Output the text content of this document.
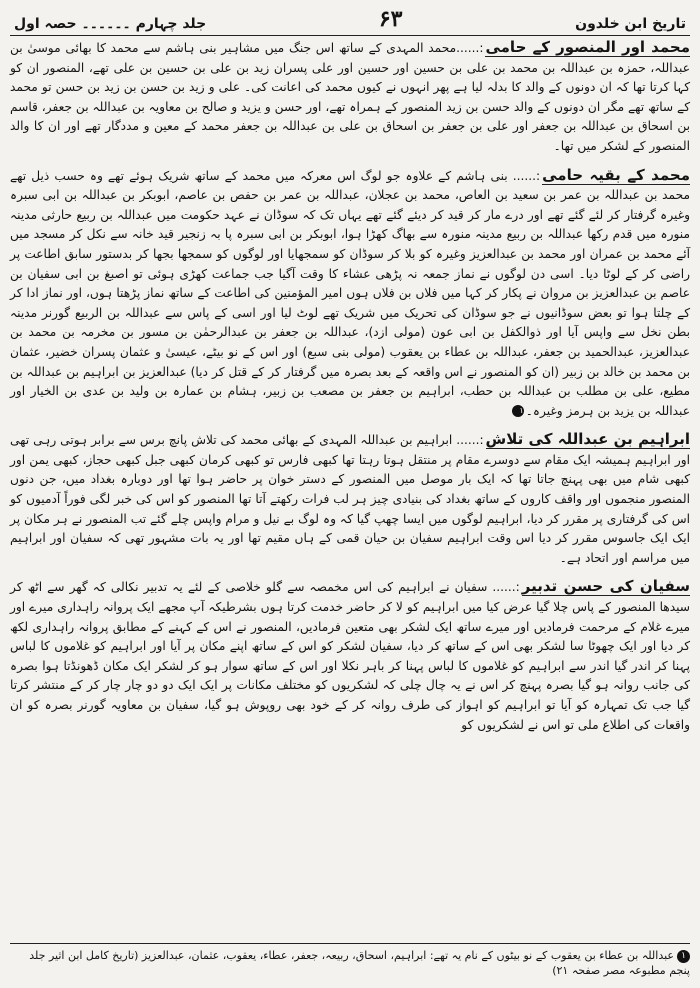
تاریخ ابن خلدون
۶۳
جلد چہارم ۔۔۔۔۔۔ حصہ اول

محمد اور المنصور کے حامی:......محمد المہدی کے ساتھ اس جنگ میں مشاہیر بنی ہاشم سے محمد کا بھائی موسیٰ بن عبداللہ، حمزہ بن عبداللہ بن محمد بن علی بن حسین اور حسین اور علی پسران زید بن علی بن حسین بن علی تھے، المنصور ان کو کہا کرتا تھا کہ ان دونوں کے والد کا بدلہ لیا ہے پھر انہوں نے کیوں محمد کی اعانت کی۔ علی و زید بن حسن بن زید بن حسن تو محمد کے ساتھ تھے مگر ان دونوں کے والد حسن بن زید المنصور کے ہمراہ تھے، اور حسن و یزید و صالح بن معاویہ بن عبداللہ بن جعفر، قاسم بن اسحاق بن عبداللہ بن جعفر اور علی بن جعفر بن اسحاق بن علی بن عبداللہ بن جعفر محمد کے معین و مددگار تھے اور ان کا والد المنصور کے لشکر میں تھا۔

محمد کے بقیہ حامی:...... بنی ہاشم کے علاوہ جو لوگ اس معرکہ میں محمد کے ساتھ شریک ہوئے تھے وہ حسب ذیل تھے محمد بن عبداللہ بن عمر بن سعید بن العاص، محمد بن عجلان، عبداللہ بن عمر بن حفص بن عاصم، ابوبکر بن عبداللہ بن ابی سبرہ وغیرہ گرفتار کر لئے گئے تھے اور درے مار کر قید کر دیئے گئے تھے یہاں تک کہ سوڈان نے عہد حکومت میں عبداللہ بن ربیع حارثی مدینہ منورہ میں قدم رکھا عبداللہ بن ربیع مدینہ منورہ سے بھاگ کھڑا ہوا، ابوبکر بن ابی سبرہ پا بہ زنجیر قید خانہ سے نکل کر مسجد میں آئے محمد بن عمران اور محمد بن عبدالعزیز وغیرہ کو بلا کر سوڈان کو سمجھایا اور لوگوں کو سمجھا بجھا کر بدستور سابق اطاعت پر راضی کر کے لوٹا دیا۔ اسی دن لوگوں نے نماز جمعہ نہ پڑھی عشاء کا وقت آگیا جب جماعت کھڑی ہوئی تو اصبغ بن ابی سفیان بن عاصم بن عبدالعزیز بن مروان نے پکار کر کہا میں فلاں بن فلاں ہوں امیر المؤمنین کی اطاعت کے ساتھ نماز پڑھتا ہوں، اور نماز ادا کر کے چلتا ہوا تو بعض سوڈانیوں نے جو سوڈان کی تحریک میں شریک تھے لوٹ لیا اور اسی کے پاس سے عبداللہ بن الربیع گورنر مدینہ بطن نخل سے واپس آیا اور ذوالکفل بن ابی عون (مولی ازد)، عبداللہ بن جعفر بن عبدالرحمٰن بن مسور بن مخرمہ بن محمد بن عبدالعزیز، عبدالحمید بن جعفر، عبداللہ بن عطاء بن یعقوب (مولی بنی سبع) اور اس کے نو بیٹے، عیسیٰ و عثمان پسران خضیر، عثمان بن محمد بن خالد بن زبیر (ان کو المنصور نے اس واقعہ کے بعد بصرہ میں گرفتار کر کے قتل کر دیا) عبدالعزیز بن ابراہیم بن عبداللہ بن مطیع، علی بن مطلب بن عبداللہ بن حطب، ابراہیم بن جعفر بن مصعب بن زبیر، ہشام بن عمارہ بن ولید بن عدی بن الخیار اور عبداللہ بن یزید بن ہرمز وغیرہ۔۱

ابراہیم بن عبداللہ کی تلاش:...... ابراہیم بن عبداللہ المہدی کے بھائی محمد کی تلاش پانچ برس سے برابر ہوتی رہی تھی اور ابراہیم ہمیشہ ایک مقام سے دوسرے مقام پر منتقل ہوتا رہتا تھا کبھی فارس تو کبھی کرمان کبھی جبل کبھی حجاز، کبھی یمن اور کبھی شام میں بھی پہنچ جاتا تھا کہ ایک بار موصل میں المنصور کے دستر خوان پر حاضر ہوا تھا اور دوبارہ بغداد میں، جن دنوں المنصور منجموں اور واقف کاروں کے ساتھ بغداد کی بنیادی چیز ہر لب فرات رکھتے آتا تھا المنصور کو اس کی خبر لگی فوراً آدمیوں کو اس کی گرفتاری پر مقرر کر دیا، ابراہیم لوگوں میں ایسا چھپ گیا کہ وہ لوگ بے نیل و مرام واپس چلے گئے تب المنصور نے ہر مکان پر ایک ایک جاسوس مقرر کر دیا اس وقت ابراہیم سفیان بن حیان قمی کے ہاں مقیم تھا اور یہ بات مشہور تھی کہ سفیان اور ابراہیم میں مراسم اور اتحاد ہے۔

سفیان کی حسن تدبیر:...... سفیان نے ابراہیم کی اس مخمصہ سے گلو خلاصی کے لئے یہ تدبیر نکالی کہ گھر سے اٹھ کر سیدھا المنصور کے پاس چلا گیا عرض کیا میں ابراہیم کو لا کر حاضر خدمت کرتا ہوں بشرطیکہ آپ مجھے ایک پروانہ راہداری میرے اور میرے غلام کے مرحمت فرمادیں اور میرے ساتھ ایک لشکر بھی متعین فرمادیں، المنصور نے اس کے کہنے کے مطابق پروانہ راہداری لکھ کر دیا اور ایک چھوٹا سا لشکر بھی اس کے ساتھ کر دیا، سفیان لشکر کو اس کے ساتھ اپنے مکان پر آیا اور ابراہیم کو غلاموں کا لباس پہنا کر اندر گیا اندر سے ابراہیم کو غلاموں کا لباس پہنا کر باہر نکلا اور اس کے ساتھ سوار ہو کر لشکر ایک مکان ڈھونڈتا ہوا بصرہ کی جانب روانہ ہو گیا بصرہ پہنچ کر اس نے یہ چال چلی کہ لشکریوں کو مختلف مکانات پر ایک ایک دو دو چار چار کر کے منتشر کرتا گیا جب تک تمہارہ کو آیا تو ابراہیم کو اہواز کی طرف روانہ کر کے خود بھی روپوش ہو گیا، سفیان بن معاویہ گورنر بصرہ کو ان واقعات کی اطلاع ملی تو اس نے لشکریوں کو

۱عبداللہ بن عطاء بن یعقوب کے نو بیٹوں کے نام یہ تھے: ابراہیم، اسحاق، ربیعہ، جعفر، عطاء، یعقوب، عثمان، عبدالعزیز (تاریخ کامل ابن اثیر جلد پنجم مطبوعہ مصر صفحہ ۲۱)
